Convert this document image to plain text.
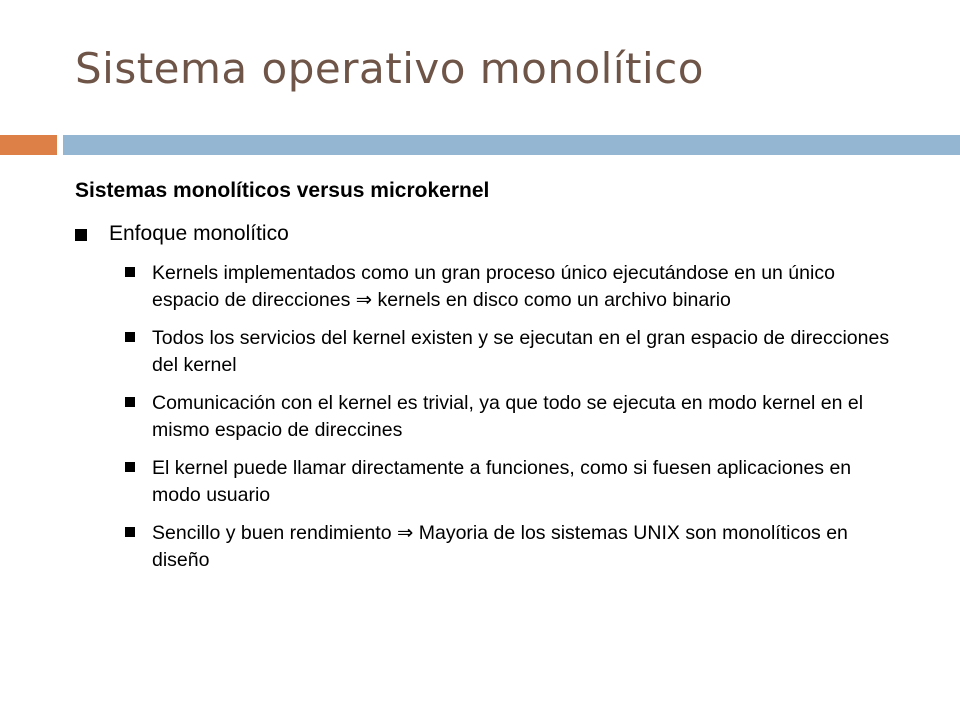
Sistema operativo monolítico
Sistemas monolíticos versus microkernel
Enfoque monolítico
Kernels implementados como un gran proceso único ejecutándose en un único espacio de direcciones ⇒ kernels en disco como un archivo binario
Todos los servicios del kernel existen y se ejecutan en el gran espacio de direcciones del kernel
Comunicación con el kernel es trivial, ya que todo se ejecuta en modo kernel en el mismo espacio de direccines
El kernel puede llamar directamente a funciones, como si fuesen aplicaciones en modo usuario
Sencillo y buen rendimiento ⇒ Mayoria de los sistemas UNIX son monolíticos en diseño
